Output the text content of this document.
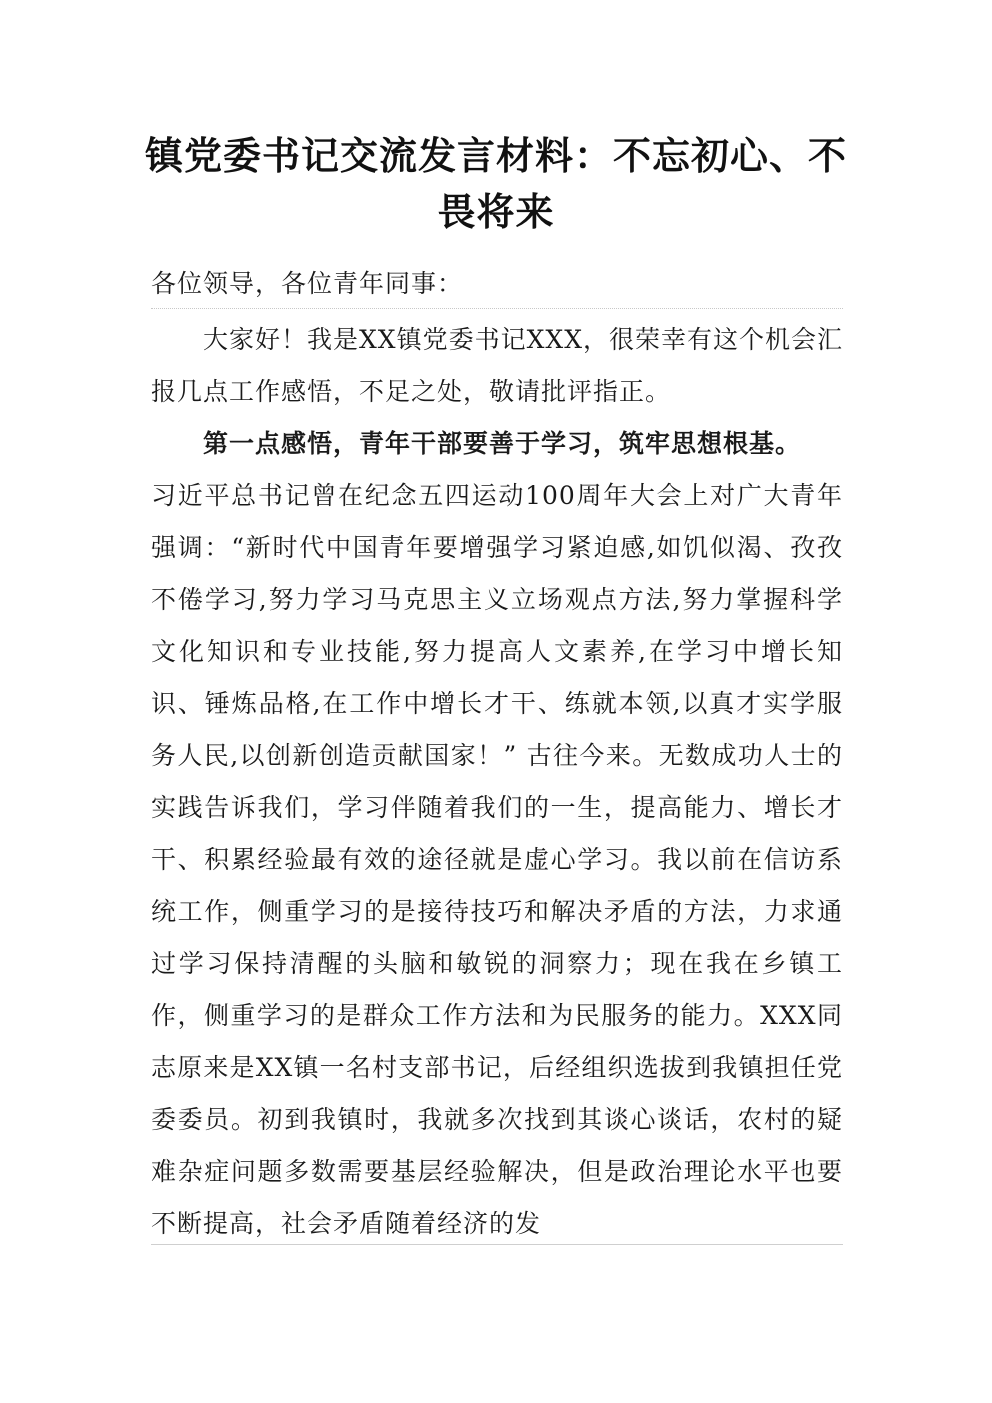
镇党委书记交流发言材料：不忘初心、不畏将来
各位领导，各位青年同事：
大家好！我是XX镇党委书记XXX，很荣幸有这个机会汇报几点工作感悟，不足之处，敬请批评指正。
第一点感悟，青年干部要善于学习，筑牢思想根基。
习近平总书记曾在纪念五四运动100周年大会上对广大青年强调：“新时代中国青年要增强学习紧迫感,如饥似渴、孜孜不倦学习,努力学习马克思主义立场观点方法,努力掌握科学文化知识和专业技能,努力提高人文素养,在学习中增长知识、锤炼品格,在工作中增长才干、练就本领,以真才实学服务人民,以创新创造贡献国家！” 古往今来。无数成功人士的实践告诉我们，学习伴随着我们的一生，提高能力、增长才干、积累经验最有效的途径就是虚心学习。我以前在信访系统工作，侧重学习的是接待技巧和解决矛盾的方法，力求通过学习保持清醒的头脑和敏锐的洞察力；现在我在乡镇工作，侧重学习的是群众工作方法和为民服务的能力。XXX同志原来是XX镇一名村支部书记，后经组织选拔到我镇担任党委委员。初到我镇时，我就多次找到其谈心谈话，农村的疑难杂症问题多数需要基层经验解决，但是政治理论水平也要不断提高，社会矛盾随着经济的发
